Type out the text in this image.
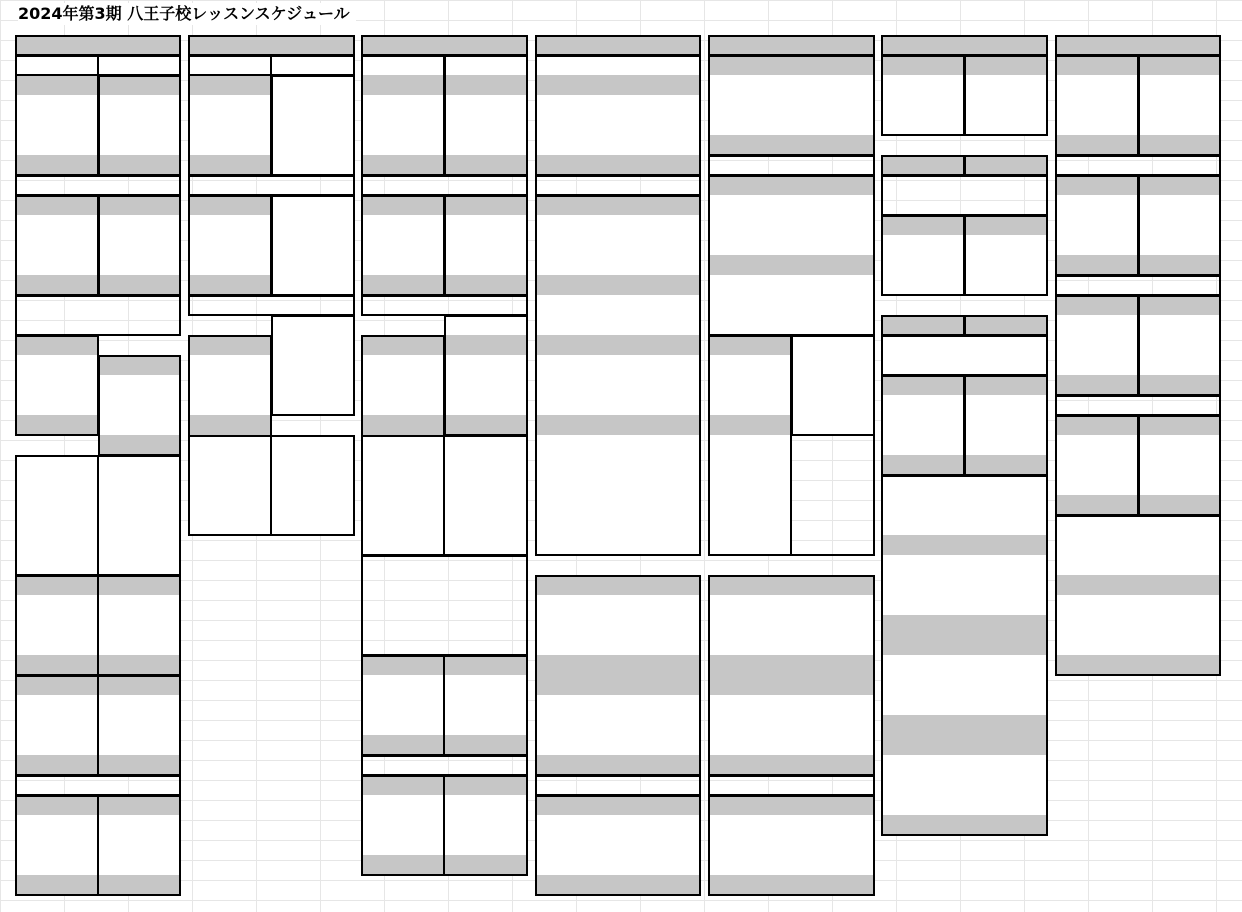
2024年第3期 八王子校レッスンスケジュール
